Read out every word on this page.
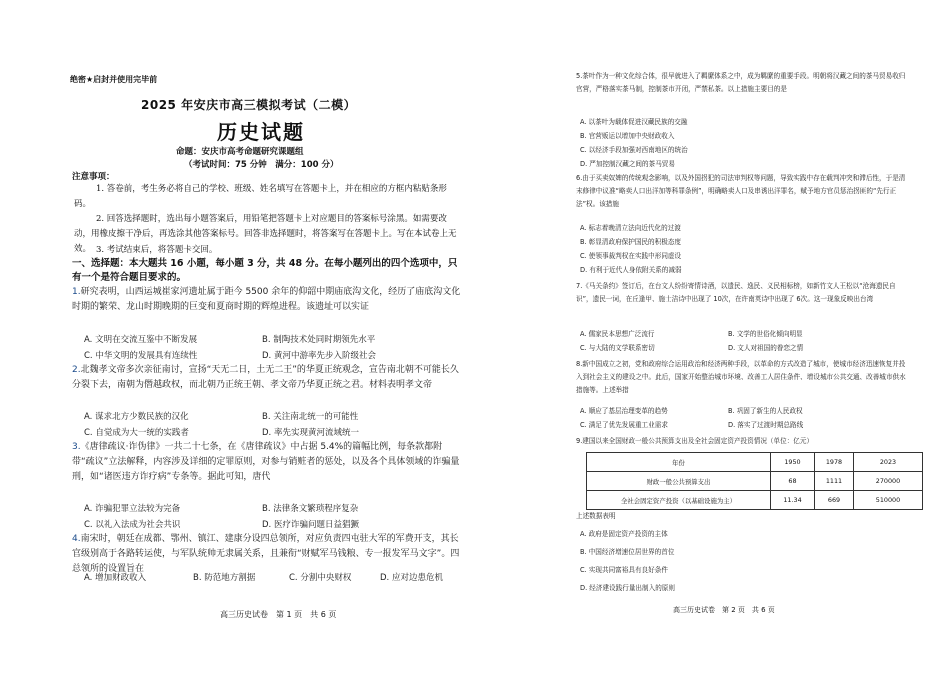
绝密★启封并使用完毕前
2025 年安庆市高三模拟考试（二模）
历史试题
命题：安庆市高考命题研究课题组
（考试时间：75 分钟　满分：100 分）
注意事项：
1. 答卷前，考生务必将自己的学校、班级、姓名填写在答题卡上，并在相应的方框内粘贴条形码。
2. 回答选择题时，选出每小题答案后，用铅笔把答题卡上对应题目的答案标号涂黑。如需要改动，用橡皮擦干净后，再选涂其他答案标号。回答非选择题时，将答案写在答题卡上。写在本试卷上无效。 3. 考试结束后，将答题卡交回。
一、选择题：本大题共 16 小题，每小题 3 分，共 48 分。在每小题列出的四个选项中，只有一个是符合题目要求的。
1.研究表明，山西运城崔家河遗址属于距今 5500 余年的仰韶中期庙底沟文化，经历了庙底沟文化时期的繁荣、龙山时期晚期的巨变和夏商时期的辉煌进程。该遗址可以实证
A. 文明在交流互鉴中不断发展	B. 制陶技术处同时期领先水平
C. 中华文明的发展具有连续性	D. 黄河中游率先步入阶级社会
2.北魏孝文帝多次亲征南讨，宣扬“天无二日，土无二王”的华夏正统观念，宣告南北朝不可能长久分裂下去，南朝为僭越政权，而北朝乃正统王朝、孝文帝乃华夏正统之君。材料表明孝文帝
A. 谋求北方少数民族的汉化	B. 关注南北统一的可能性
C. 自觉成为大一统的实践者	D. 率先实现黄河流域统一
3.《唐律疏议·诈伪律》一共二十七条，在《唐律疏议》中占据 5.4%的篇幅比例，每条款都附带“疏议”立法解释，内容涉及详细的定罪原则，对参与销赃者的惩处，以及各个具体领域的诈骗量刑，如“诸医违方诈疗病”专条等。据此可知，唐代
A. 诈骗犯罪立法较为完备	B. 法律条文繁琐程序复杂
C. 以礼入法成为社会共识	D. 医疗诈骗问题日益猖獗
4.南宋时，朝廷在成都、鄂州、镇江、建康分设四总领所，对应负责四屯驻大军的军费开支，其长官级别高于各路转运使，与军队统帅无隶属关系，且兼衔“财赋军马钱粮、专一报发军马文字”。四总领所的设置旨在
A. 增加财政收入	B. 防范地方割据	C. 分割中央财权	D. 应对边患危机
高三历史试卷　第 1 页　共 6 页
5.茶叶作为一种文化综合体，很早就进入了羁縻体系之中，成为羁縻的重要手段。明朝将汉藏之间的茶马贸易收归官营，严格落实茶马制，控制茶市开闭，严禁私茶。以上措施主要目的是
A. 以茶叶为载体促进汉藏民族的交融
B. 官营贩运以增加中央财政收入
C. 以经济手段加强对西南地区的统治
D. 严加控制汉藏之间的茶马贸易
6.由于买卖奴婢的传统观念影响，以及外国拐犯的司法审判权等问题，导致实践中存在载判冲突和滞后性，于是清末修律中议准“略卖人口出洋加等科罪条例”，明确略卖人口及串诱出洋罪名，赋予地方官员惩治拐匪的“先行正法”权。该措施
A. 标志着晚清立法向近代化的过渡
B. 彰显清政府保护国民的积极态度
C. 使领事裁判权在实践中形同虚设
D. 有利于近代人身依附关系的减弱
7.《马关条约》签订后，在台文人纷纷寄情诗酒，以遗民、逸民、义民相标榜，如新竹文人王松以“沧海遗民自识”，遗民一词，在丘逢甲、施士洁诗中出现了 10次，在许南英诗中出现了 6次。这一现象反映出台湾
A. 儒家民本思想广泛流行	B. 文学的世俗化倾向明显
C. 与大陆的文学联系密切	D. 文人对祖国的眷恋之情
8.新中国成立之初，党和政府综合运用政治和经济两种手段，以革命的方式改造了城市，使城市经济迅速恢复并投入到社会主义的建设之中。此后，国家开始整治城市环境、改善工人居住条件、增设城市公共交通、改善城市供水措施等。上述举措
A. 顺应了基层治理变革的趋势	B. 巩固了新生的人民政权
C. 满足了优先发展重工业需求	D. 落实了过渡时期总路线
9.建国以来全国财政一般公共预算支出及全社会固定资产投资情况（单位：亿元）
年份	1950	1978	2023
财政一般公共预算支出	68	1111	270000
全社会固定资产投资（以基础设施为主）	11.34	669	510000
上述数据表明
A. 政府是固定资产投资的主体
B. 中国经济增速位居世界的首位
C. 实现共同富裕具有良好条件
D. 经济建设践行量出制入的原则
高三历史试卷　第 2 页　共 6 页
